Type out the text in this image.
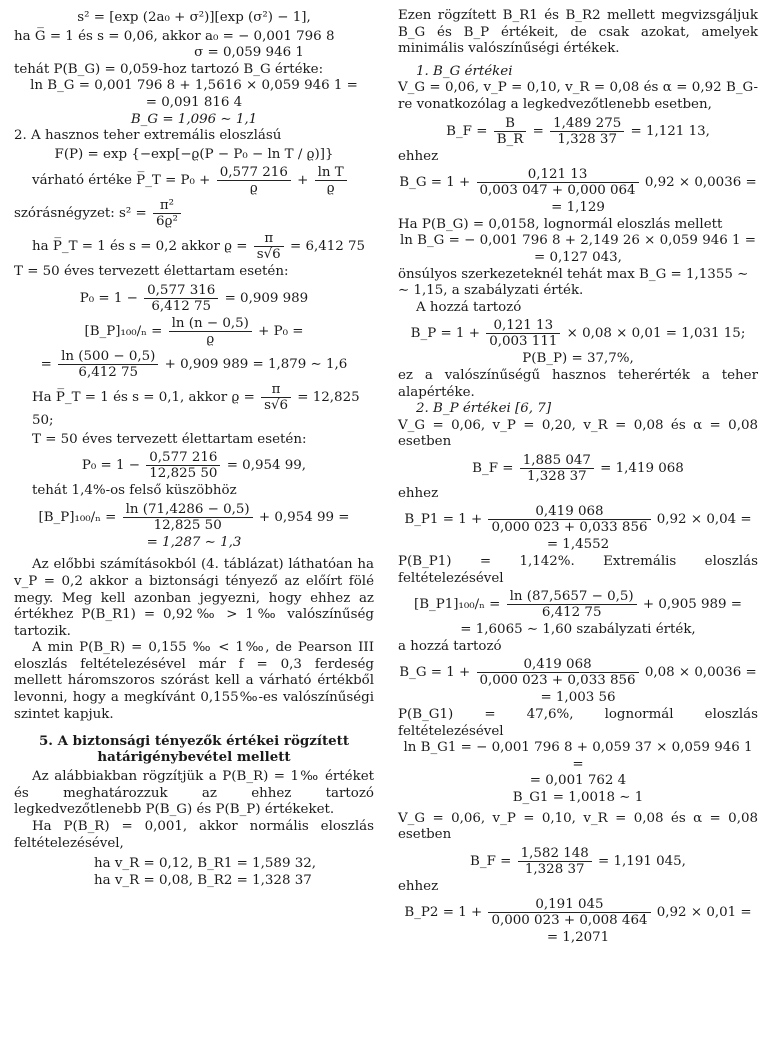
s² = [exp (2a₀ + σ²)][exp (σ²) − 1],
ha G̅ = 1 és s = 0,06, akkor a₀ = − 0,001 796 8
σ = 0,059 946 1
tehát P(B_G) = 0,059-hoz tartozó B_G értéke:
ln B_G = 0,001 796 8 + 1,5616 × 0,059 946 1 =
= 0,091 816 4
B_G = 1,096 ∼ 1,1
2. A hasznos teher extremális eloszlású
F(P) = exp {−exp[−ϱ(P − P₀ − ln T / ϱ)]}
várható értéke P̅_T = $P_0 + \frac{0,577 216}{ϱ} + \frac{\text{ln T}}{ϱ}$
szórásnégyzet: $s^2 = \frac{\text{π²}}{\text{6ϱ²}}$
ha P̅_T = 1 és s = 0,2 akkor $ϱ = \frac{\pi}{s√6} = 6,412$ 75
T = 50 éves tervezett élettartam esetén:
$P_0 = 1 - \frac{0,577 316}{6,412 75} = 0,909$ 989
[B_P]₁₀₀/ₙ = $\frac{\ln (n - 0,5)}{ϱ} + P_0$ =
= $\frac{\ln (500 - 0,5)}{6,412 75} + 0,909$ 989 = 1,879 ∼ 1,6
Ha P̅_T = 1 és s = 0,1, akkor $ϱ = \frac{\pi}{s√6} = 12,825$ 50;
T = 50 éves tervezett élettartam esetén:
$P_0 = 1 - \frac{0,577 216}{12,825 50} = 0,954$ 99,
tehát 1,4%-os felső küszöbhöz
[B_P]₁₀₀/ₙ = $\frac{\ln (71,4286 - 0,5)}{12,825 50} + 0,954$ 99 =
= 1,287 ∼ 1,3

Az előbbi számításokból (4. táblázat) láthatóan ha v_P = 0,2 akkor a biztonsági tényező az előírt fölé megy. Meg kell azonban jegyezni, hogy ehhez az értékhez P(B_R1) = 0,92‰ > 1‰ valószínűség tartozik.

A min P(B_R) = 0,155 ‰ < 1‰, de Pearson III eloszlás feltételezésével már f = 0,3 ferdeség mellett háromszoros szórást kell a várható értékből levonni, hogy a megkívánt 0,155‰-es valószínűségi szintet kapjuk.

5. A biztonsági tényezők értékei rögzített határigénybevétel mellett

Az alábbiakban rögzítjük a P(B_R) = 1‰ értéket és meghatározzuk az ehhez tartozó legkedvezőtlenebb P(B_G) és P(B_P) értékeket.

Ha P(B_R) = 0,001, akkor normális eloszlás feltételezésével,

ha v_R = 0,12, B_R1 = 1,589 32,
ha v_R = 0,08, B_R2 = 1,328 37

Ezen rögzített B_R1 és B_R2 mellett megvizsgáljuk B_G és B_P értékeit, de csak azokat, amelyek minimális valószínűségi értékek.

1. B_G értékei

V_G = 0,06, v_P = 0,10, v_R = 0,08 és α = 0,92 B_G-re vonatkozólag a legkedvezőtlenebb esetben,

B_F = $\frac{B}{B\_R} = \frac{1,489 275}{1,328 37} = 1,121$ 13,
ehhez
B_G = $1 + \frac{0,121 13}{0,003 047 + 0,000 064} 0,92 \times 0,0036$ =
= 1,129
Ha P(B_G) = 0,0158, lognormál eloszlás mellett
ln B_G = − 0,001 796 8 + 2,149 26 × 0,059 946 1 =
= 0,127 043,
önsúlyos szerkezeteknél tehát max B_G = 1,1355 ∼
∼ 1,15, a szabályzati érték.
A hozzá tartozó
B_P = $1 + \frac{0,121 13}{0,003 111} \times 0,08 \times 0,01 = 1,031$ 15;
P(B_P) = 37,7%,

ez a valószínűségű hasznos teherérték a teher alapértéke.

2. B_P értékei [6, 7]
V_G = 0,06, v_P = 0,20, v_R = 0,08 és α = 0,08 esetben
B_F = $\frac{1,885 047}{1,328 37} = 1,419$ 068
ehhez
B_P1 = $1 + \frac{0,419 068}{0,000 023 + 0,033 856} 0,92 \times 0,04$ =
= 1,4552

P(B_P1) = 1,142%. Extremális eloszlás feltételezésével

[B_P1]₁₀₀/ₙ = $\frac{\ln (87,5657 - 0,5)}{6,412 75} + 0,905$ 989 =
= 1,6065 ∼ 1,60 szabályzati érték,
a hozzá tartozó
B_G = $1 + \frac{0,419 068}{0,000 023 + 0,033 856} 0,08 \times 0,0036$ =
= 1,003 56

P(B_G1) = 47,6%, lognormál eloszlás feltételezésével

ln B_G1 = − 0,001 796 8 + 0,059 37 × 0,059 946 1 =
= 0,001 762 4
B_G1 = 1,0018 ∼ 1

V_G = 0,06, v_P = 0,10, v_R = 0,08 és α = 0,08 esetben

B_F = $\frac{1,582 148}{1,328 37} = 1,191$ 045,
ehhez
B_P2 = $1 + \frac{0,191 045}{0,000 023 + 0,008 464} 0,92 \times 0,01$ =
= 1,2071
